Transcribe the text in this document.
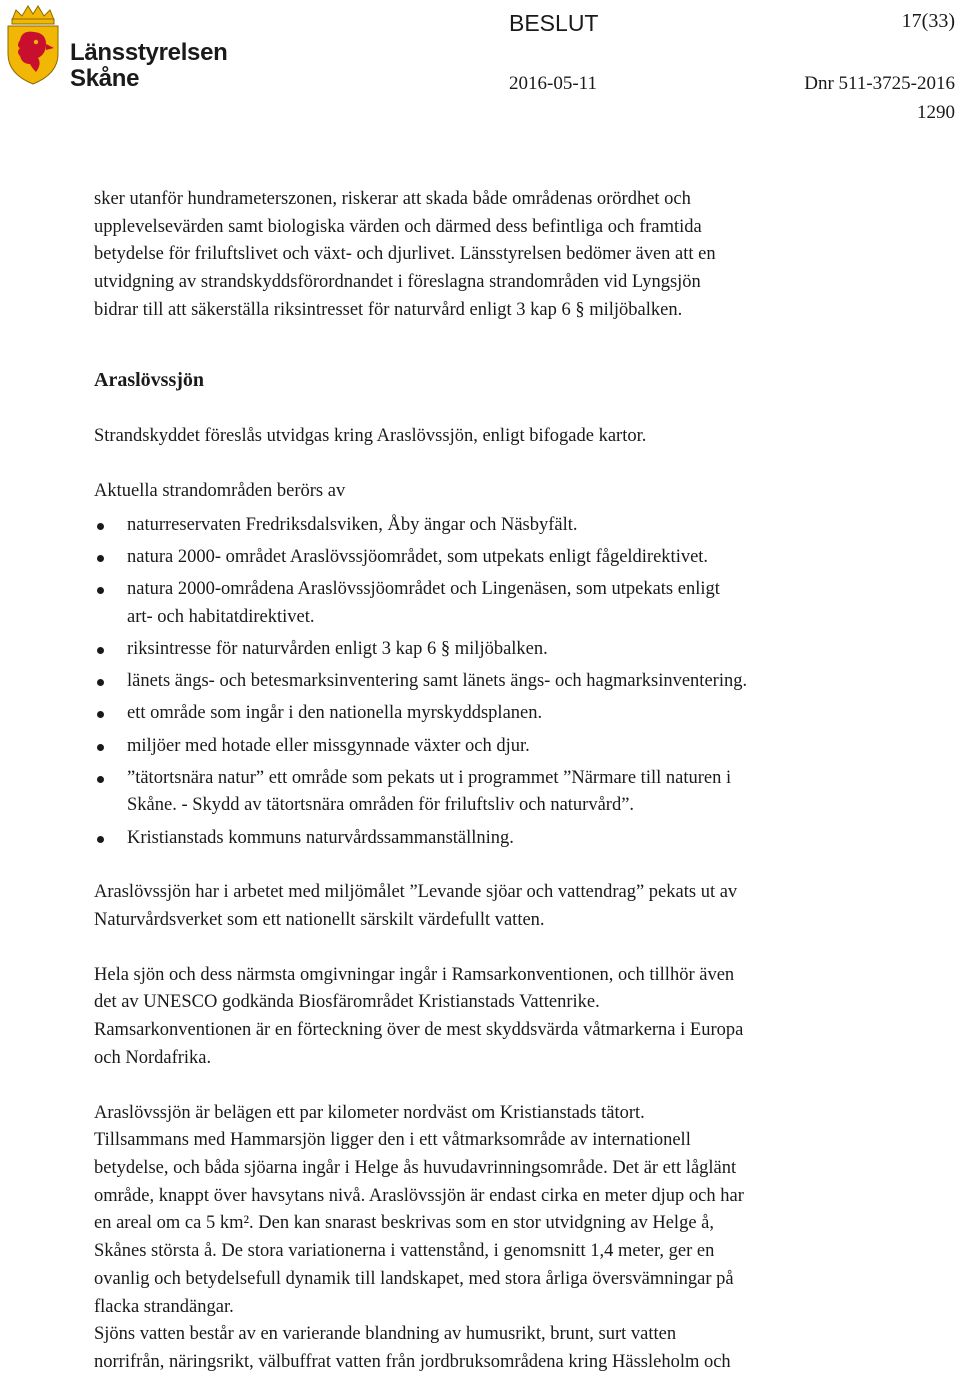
Länsstyrelsen
Skåne
BESLUT	17(33)
2016-05-11	Dnr 511-3725-2016
1290

sker utanför hundrameterszonen, riskerar att skada både områdenas orördhet och
upplevelsevärden samt biologiska värden och därmed dess befintliga och framtida
betydelse för friluftslivet och växt- och djurlivet. Länsstyrelsen bedömer även att en
utvidgning av strandskyddsförordnandet i föreslagna strandområden vid Lyngsjön
bidrar till att säkerställa riksintresset för naturvård enligt 3 kap 6 § miljöbalken.

Araslövssjön

Strandskyddet föreslås utvidgas kring Araslövssjön, enligt bifogade kartor.

Aktuella strandområden berörs av

naturreservaten Fredriksdalsviken, Åby ängar och Näsbyfält.
natura 2000- området Araslövssjöområdet, som utpekats enligt fågeldirektivet.
natura 2000-områdena Araslövssjöområdet och Lingenäsen, som utpekats enligt
art- och habitatdirektivet.
riksintresse för naturvården enligt 3 kap 6 § miljöbalken.
länets ängs- och betesmarksinventering samt länets ängs- och hagmarksinventering.
ett område som ingår i den nationella myrskyddsplanen.
miljöer med hotade eller missgynnade växter och djur.
”tätortsnära natur” ett område som pekats ut i programmet ”Närmare till naturen i
Skåne. - Skydd av tätortsnära områden för friluftsliv och naturvård”.
Kristianstads kommuns naturvårdssammanställning.

Araslövssjön har i arbetet med miljömålet ”Levande sjöar och vattendrag” pekats ut av
Naturvårdsverket som ett nationellt särskilt värdefullt vatten.

Hela sjön och dess närmsta omgivningar ingår i Ramsarkonventionen, och tillhör även
det av UNESCO godkända Biosfärområdet Kristianstads Vattenrike.
Ramsarkonventionen är en förteckning över de mest skyddsvärda våtmarkerna i Europa
och Nordafrika.

Araslövssjön är belägen ett par kilometer nordväst om Kristianstads tätort.
Tillsammans med Hammarsjön ligger den i ett våtmarksområde av internationell
betydelse, och båda sjöarna ingår i Helge ås huvudavrinningsområde. Det är ett låglänt
område, knappt över havsytans nivå. Araslövssjön är endast cirka en meter djup och har
en areal om ca 5 km². Den kan snarast beskrivas som en stor utvidgning av Helge å,
Skånes största å. De stora variationerna i vattenstånd, i genomsnitt 1,4 meter, ger en
ovanlig och betydelsefull dynamik till landskapet, med stora årliga översvämningar på
flacka strandängar.
Sjöns vatten består av en varierande blandning av humusrikt, brunt, surt vatten
norrifrån, näringsrikt, välbuffrat vatten från jordbruksområdena kring Hässleholm och
